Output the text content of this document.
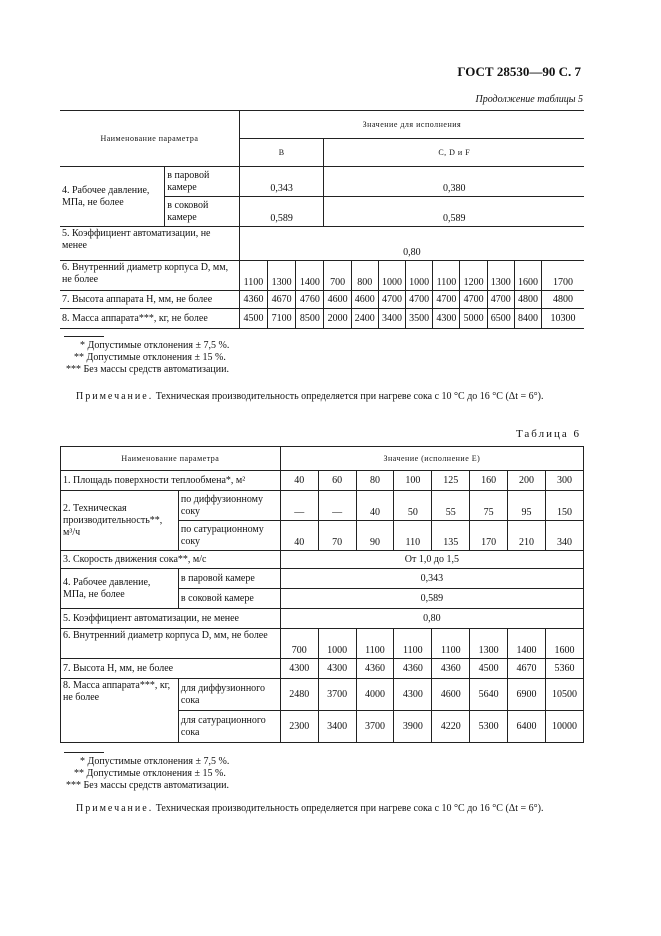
ГОСТ 28530—90 С. 7
Продолжение таблицы 5
Наименование параметра		Значение для исполнения											
		В			С, D и F								
4. Рабочее давление, МПа, не более	в паровой камере	0,343			0,380								
	в соковой камере	0,589			0,589								
5. Коэффициент автоматизации, не менее		0,80											
6. Внутренний диаметр корпуса D, мм, не более		1100	1300	1400	700	800	1000	1000	1100	1200	1300	1600	1700
7. Высота аппарата H, мм, не более		4360	4670	4760	4600	4600	4700	4700	4700	4700	4700	4800	4800
8. Масса аппарата***, кг, не более		4500	7100	8500	2000	2400	3400	3500	4300	5000	6500	8400	10300
* Допустимые отклонения ± 7,5 %.
** Допустимые отклонения ± 15 %.
*** Без массы средств автоматизации.
Примечание. Техническая производительность определяется при нагреве сока с 10 °С до 16 °С (Δt = 6°).
Таблица 6
Наименование параметра		Значение (исполнение Е)							
1. Площадь поверхности теплообмена*, м²		40	60	80	100	125	160	200	300
2. Техническая производительность**, м³/ч	по диффузионному соку	—	—	40	50	55	75	95	150
	по сатурационному соку	40	70	90	110	135	170	210	340
3. Скорость движения сока**, м/с		От 1,0 до 1,5							
4. Рабочее давление, МПа, не более	в паровой камере	0,343							
	в соковой камере	0,589							
5. Коэффициент автоматизации, не менее		0,80							
6. Внутренний диаметр корпуса D, мм, не более		700	1000	1100	1100	1100	1300	1400	1600
7. Высота H, мм, не более		4300	4300	4360	4360	4360	4500	4670	5360
8. Масса аппарата***, кг, не более	для диффузионного сока	2480	3700	4000	4300	4600	5640	6900	10500
	для сатурационного сока	2300	3400	3700	3900	4220	5300	6400	10000
* Допустимые отклонения ± 7,5 %.
** Допустимые отклонения ± 15 %.
*** Без массы средств автоматизации.
Примечание. Техническая производительность определяется при нагреве сока с 10 °С до 16 °С (Δt = 6°).
